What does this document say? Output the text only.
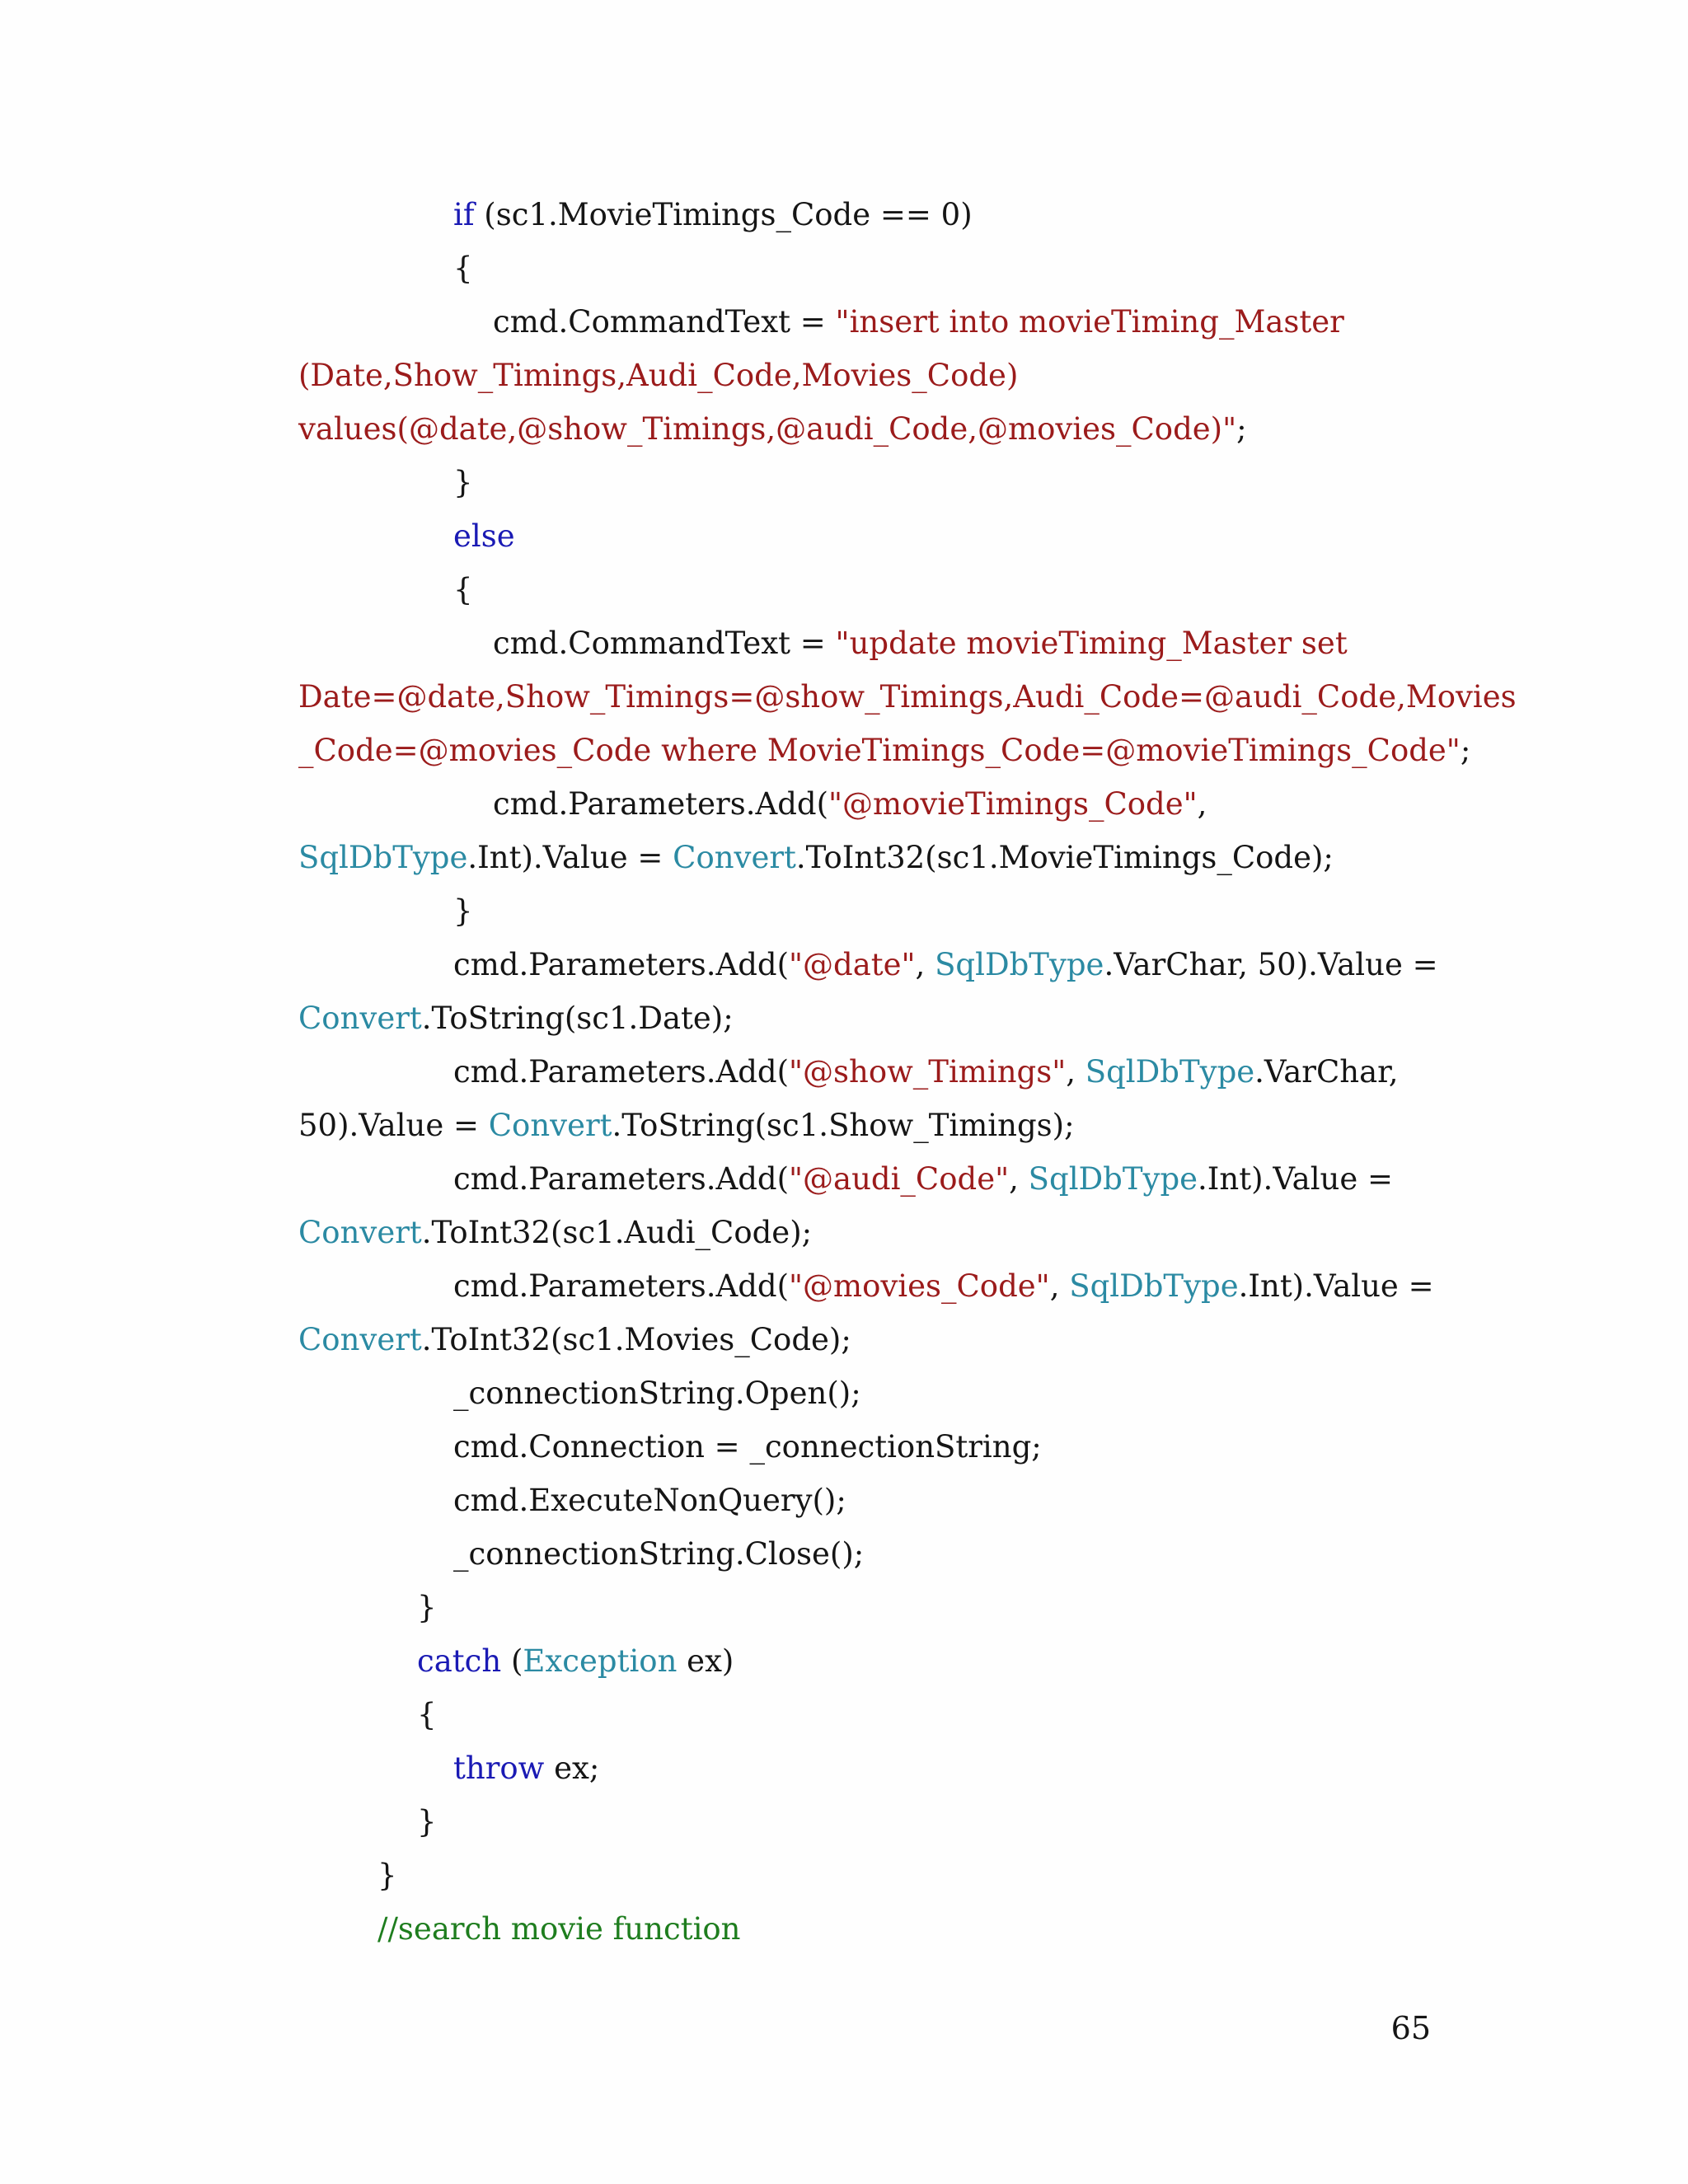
if (sc1.MovieTimings_Code == 0)
{
cmd.CommandText = "insert into movieTiming_Master
(Date,Show_Timings,Audi_Code,Movies_Code)
values(@date,@show_Timings,@audi_Code,@movies_Code)";
}
else
{
cmd.CommandText = "update movieTiming_Master set
Date=@date,Show_Timings=@show_Timings,Audi_Code=@audi_Code,Movies
_Code=@movies_Code where MovieTimings_Code=@movieTimings_Code";
cmd.Parameters.Add("@movieTimings_Code",
SqlDbType.Int).Value = Convert.ToInt32(sc1.MovieTimings_Code);
}
cmd.Parameters.Add("@date", SqlDbType.VarChar, 50).Value =
Convert.ToString(sc1.Date);
cmd.Parameters.Add("@show_Timings", SqlDbType.VarChar,
50).Value = Convert.ToString(sc1.Show_Timings);
cmd.Parameters.Add("@audi_Code", SqlDbType.Int).Value =
Convert.ToInt32(sc1.Audi_Code);
cmd.Parameters.Add("@movies_Code", SqlDbType.Int).Value =
Convert.ToInt32(sc1.Movies_Code);
_connectionString.Open();
cmd.Connection = _connectionString;
cmd.ExecuteNonQuery();
_connectionString.Close();
}
catch (Exception ex)
{
throw ex;
}
}
//search movie function
65
